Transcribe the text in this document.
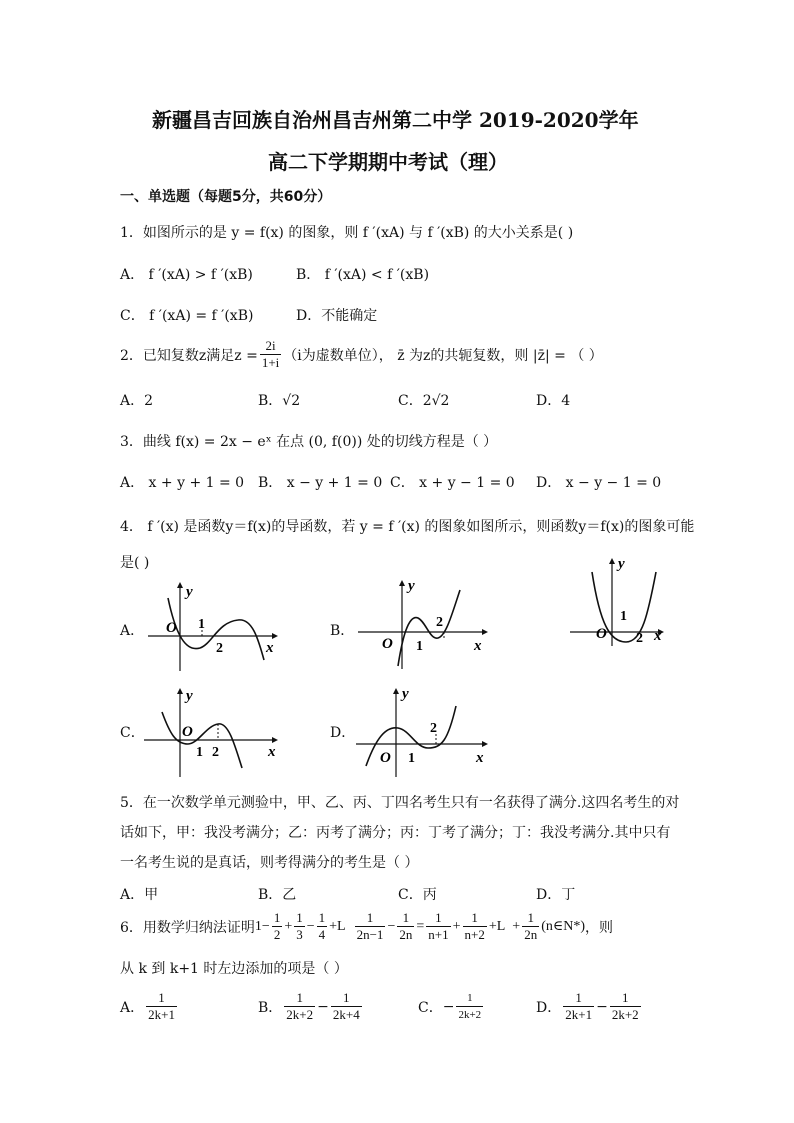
新疆昌吉回族自治州昌吉州第二中学 2019-2020学年
高二下学期期中考试（理）
一、单选题（每题5分，共60分）
1．如图所示的是 y = f(x) 的图象，则 f ′(xA) 与 f ′(xB) 的大小关系是( )
A． f ′(xA) > f ′(xB)	B． f ′(xA) < f ′(xB)
C． f ′(xA) = f ′(xB)	D．不能确定
2．已知复数z满足$z = \frac{2i}{1+i} (i$为虚数单位）， z̄ 为z的共轭复数，则 |z̄| = （ ）
A．2	B．√2	C．2√2	D．4
3．曲线 f(x) = 2x − eˣ 在点 (0, f(0)) 处的切线方程是（ ）
A． x + y + 1 = 0 B． x − y + 1 = 0 C． x + y − 1 = 0 D． x − y − 1 = 0
4． f ′(x) 是函数y＝f(x)的导函数，若 y = f ′(x) 的图象如图所示，则函数y＝f(x)的图象可能
是( )
A．	B．
C．	D．
y
x
O 1
2
y
x
O 1
2
y
x
O
1
2
y
x
O
1 2
y
x
O 1
2
5．在一次数学单元测验中，甲、乙、丙、丁四名考生只有一名获得了满分.这四名考生的对
话如下，甲：我没考满分；乙：丙考了满分；丙：丁考了满分；丁：我没考满分.其中只有
一名考生说的是真话，则考得满分的考生是（ ）
A．甲	B．乙	C．丙	D．丁
6．用数学归纳法证明 $1- \frac{1}{2} + \frac{1}{3} - \frac{1}{4} +L \frac{1}{2n-1} - \frac{1}{2n} = \frac{1}{n+1} + \frac{1}{n+2} +L + \frac{1}{2n}$ (n∈N*) ，则
从 k 到 k+1 时左边添加的项是（ ）
A． $\frac{1}{2k+1}$	B． $\frac{1}{2k+2} - \frac{1}{2k+4}$	C． − $\frac{1}{2k+2}$	D． $\frac{1}{2k+1} - \frac{1}{2k+2}$
